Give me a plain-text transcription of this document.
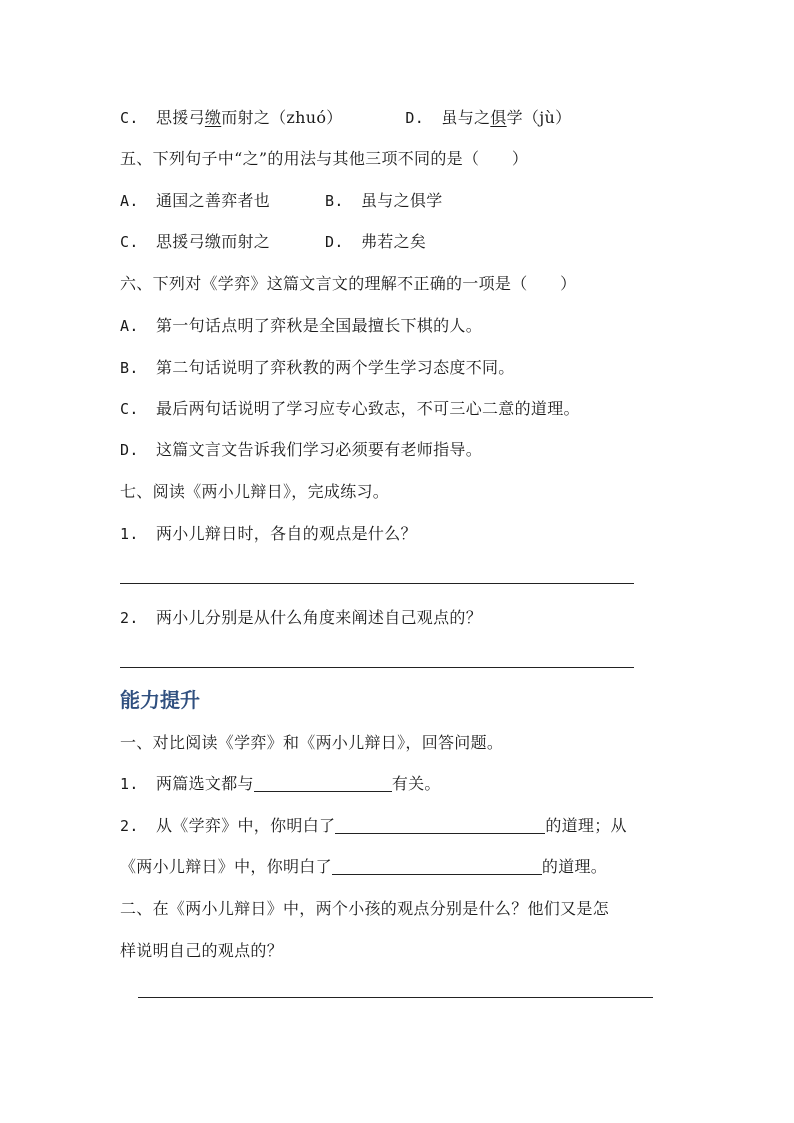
C. 思援弓缴而射之（zhuó）	D. 虽与之俱学（jù）
五、下列句子中“之”的用法与其他三项不同的是（　　）
A. 通国之善弈者也	B. 虽与之俱学
C. 思援弓缴而射之	D. 弗若之矣
六、下列对《学弈》这篇文言文的理解不正确的一项是（　　）
A. 第一句话点明了弈秋是全国最擅长下棋的人。
B. 第二句话说明了弈秋教的两个学生学习态度不同。
C. 最后两句话说明了学习应专心致志，不可三心二意的道理。
D. 这篇文言文告诉我们学习必须要有老师指导。
七、阅读《两小儿辩日》，完成练习。
1. 两小儿辩日时，各自的观点是什么？
2. 两小儿分别是从什么角度来阐述自己观点的？
能力提升
一、对比阅读《学弈》和《两小儿辩日》，回答问题。
1. 两篇选文都与	有关。
2. 从《学弈》中，你明白了	的道理；从
《两小儿辩日》中，你明白了	的道理。
二、在《两小儿辩日》中，两个小孩的观点分别是什么？他们又是怎
样说明自己的观点的？
